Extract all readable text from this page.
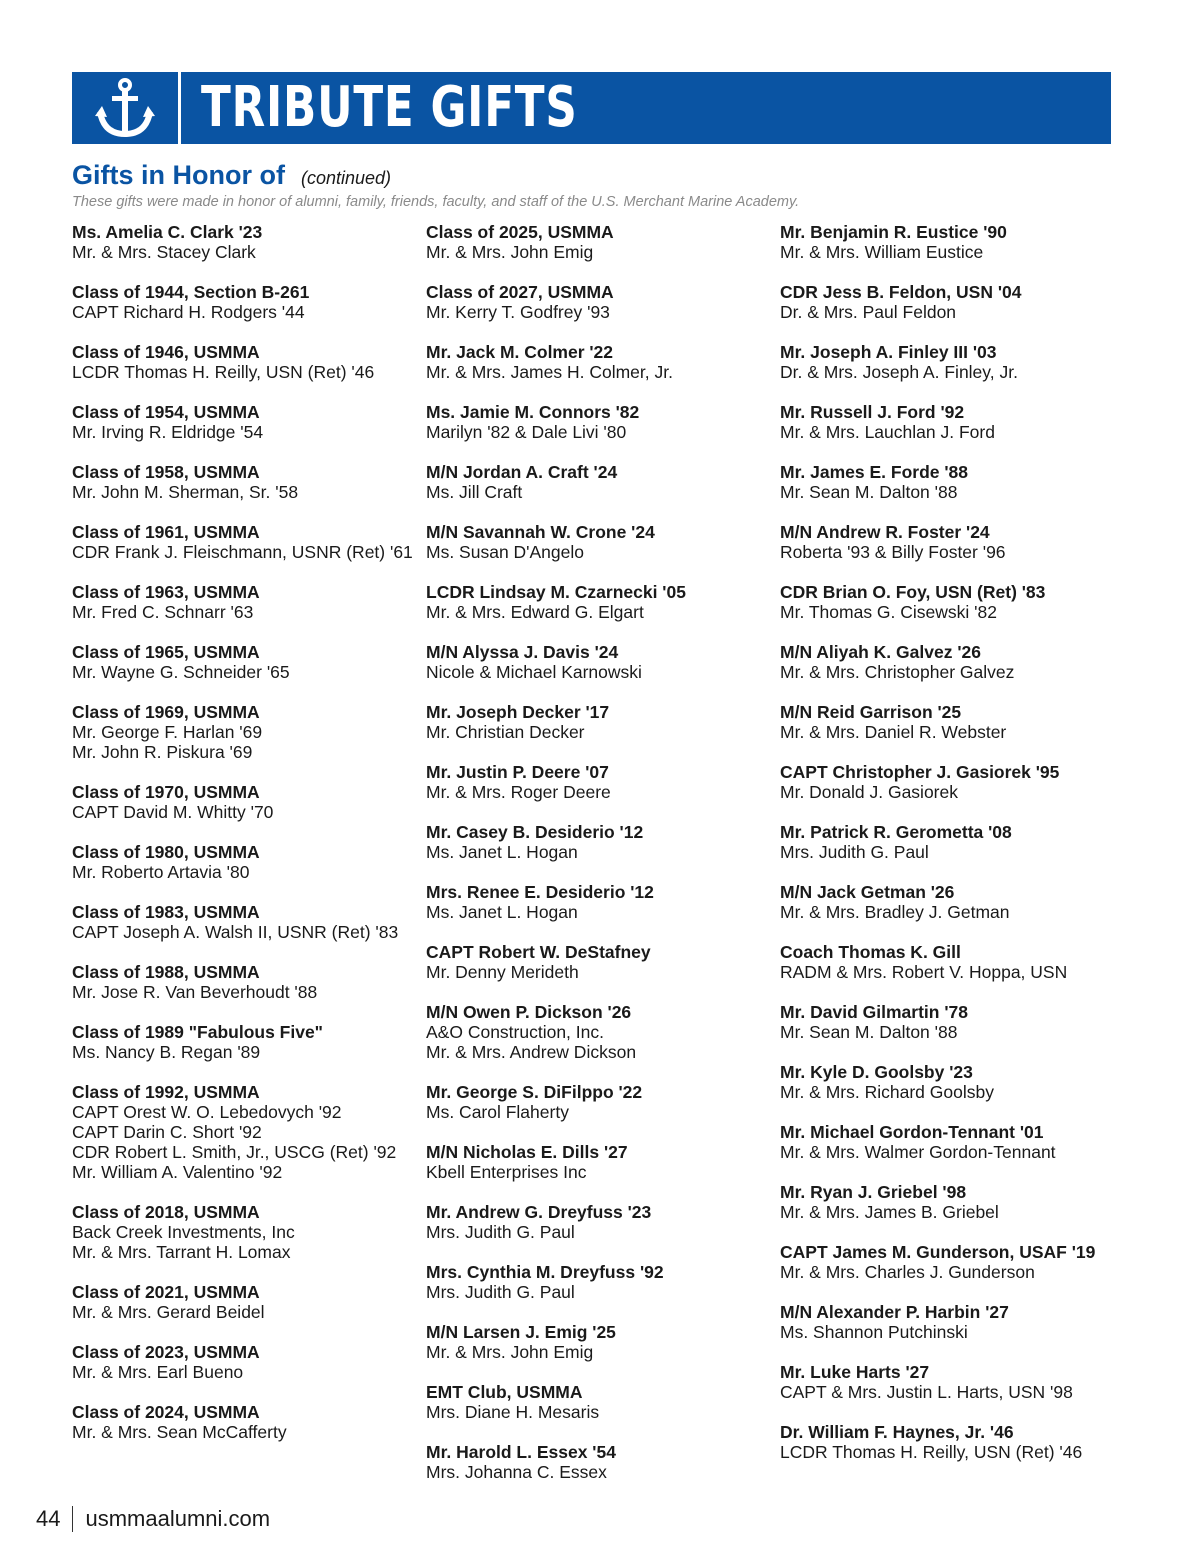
TRIBUTE GIFTS
Gifts in Honor of (continued)
These gifts were made in honor of alumni, family, friends, faculty, and staff of the U.S. Merchant Marine Academy.
Ms. Amelia C. Clark '23
Mr. & Mrs. Stacey Clark
Class of 1944, Section B-261
CAPT Richard H. Rodgers '44
Class of 1946, USMMA
LCDR Thomas H. Reilly, USN (Ret) '46
Class of 1954, USMMA
Mr. Irving R. Eldridge '54
Class of 1958, USMMA
Mr. John M. Sherman, Sr. '58
Class of 1961, USMMA
CDR Frank J. Fleischmann, USNR (Ret) '61
Class of 1963, USMMA
Mr. Fred C. Schnarr '63
Class of 1965, USMMA
Mr. Wayne G. Schneider '65
Class of 1969, USMMA
Mr. George F. Harlan '69
Mr. John R. Piskura '69
Class of 1970, USMMA
CAPT David M. Whitty '70
Class of 1980, USMMA
Mr. Roberto Artavia '80
Class of 1983, USMMA
CAPT Joseph A. Walsh II, USNR (Ret) '83
Class of 1988, USMMA
Mr. Jose R. Van Beverhoudt '88
Class of 1989 "Fabulous Five"
Ms. Nancy B. Regan '89
Class of 1992, USMMA
CAPT Orest W. O. Lebedovych '92
CAPT Darin C. Short '92
CDR Robert L. Smith, Jr., USCG (Ret) '92
Mr. William A. Valentino '92
Class of 2018, USMMA
Back Creek Investments, Inc
Mr. & Mrs. Tarrant H. Lomax
Class of 2021, USMMA
Mr. & Mrs. Gerard Beidel
Class of 2023, USMMA
Mr. & Mrs. Earl Bueno
Class of 2024, USMMA
Mr. & Mrs. Sean McCafferty
Class of 2025, USMMA
Mr. & Mrs. John Emig
Class of 2027, USMMA
Mr. Kerry T. Godfrey '93
Mr. Jack M. Colmer '22
Mr. & Mrs. James H. Colmer, Jr.
Ms. Jamie M. Connors '82
Marilyn '82 & Dale Livi '80
M/N Jordan A. Craft '24
Ms. Jill Craft
M/N Savannah W. Crone '24
Ms. Susan D'Angelo
LCDR Lindsay M. Czarnecki '05
Mr. & Mrs. Edward G. Elgart
M/N Alyssa J. Davis '24
Nicole & Michael Karnowski
Mr. Joseph Decker '17
Mr. Christian Decker
Mr. Justin P. Deere '07
Mr. & Mrs. Roger Deere
Mr. Casey B. Desiderio '12
Ms. Janet L. Hogan
Mrs. Renee E. Desiderio '12
Ms. Janet L. Hogan
CAPT Robert W. DeStafney
Mr. Denny Merideth
M/N Owen P. Dickson '26
A&O Construction, Inc.
Mr. & Mrs. Andrew Dickson
Mr. George S. DiFilppo '22
Ms. Carol Flaherty
M/N Nicholas E. Dills '27
Kbell Enterprises Inc
Mr. Andrew G. Dreyfuss '23
Mrs. Judith G. Paul
Mrs. Cynthia M. Dreyfuss '92
Mrs. Judith G. Paul
M/N Larsen J. Emig '25
Mr. & Mrs. John Emig
EMT Club, USMMA
Mrs. Diane H. Mesaris
Mr. Harold L. Essex '54
Mrs. Johanna C. Essex
Mr. Benjamin R. Eustice '90
Mr. & Mrs. William Eustice
CDR Jess B. Feldon, USN '04
Dr. & Mrs. Paul Feldon
Mr. Joseph A. Finley III '03
Dr. & Mrs. Joseph A. Finley, Jr.
Mr. Russell J. Ford '92
Mr. & Mrs. Lauchlan J. Ford
Mr. James E. Forde '88
Mr. Sean M. Dalton '88
M/N Andrew R. Foster '24
Roberta '93 & Billy Foster '96
CDR Brian O. Foy, USN (Ret) '83
Mr. Thomas G. Cisewski '82
M/N Aliyah K. Galvez '26
Mr. & Mrs. Christopher Galvez
M/N Reid Garrison '25
Mr. & Mrs. Daniel R. Webster
CAPT Christopher J. Gasiorek '95
Mr. Donald J. Gasiorek
Mr. Patrick R. Gerometta '08
Mrs. Judith G. Paul
M/N Jack Getman '26
Mr. & Mrs. Bradley J. Getman
Coach Thomas K. Gill
RADM & Mrs. Robert V. Hoppa, USN
Mr. David Gilmartin '78
Mr. Sean M. Dalton '88
Mr. Kyle D. Goolsby '23
Mr. & Mrs. Richard Goolsby
Mr. Michael Gordon-Tennant '01
Mr. & Mrs. Walmer Gordon-Tennant
Mr. Ryan J. Griebel '98
Mr. & Mrs. James B. Griebel
CAPT James M. Gunderson, USAF '19
Mr. & Mrs. Charles J. Gunderson
M/N Alexander P. Harbin '27
Ms. Shannon Putchinski
Mr. Luke Harts '27
CAPT & Mrs. Justin L. Harts, USN '98
Dr. William F. Haynes, Jr. '46
LCDR Thomas H. Reilly, USN (Ret) '46
44 usmmaalumni.com
